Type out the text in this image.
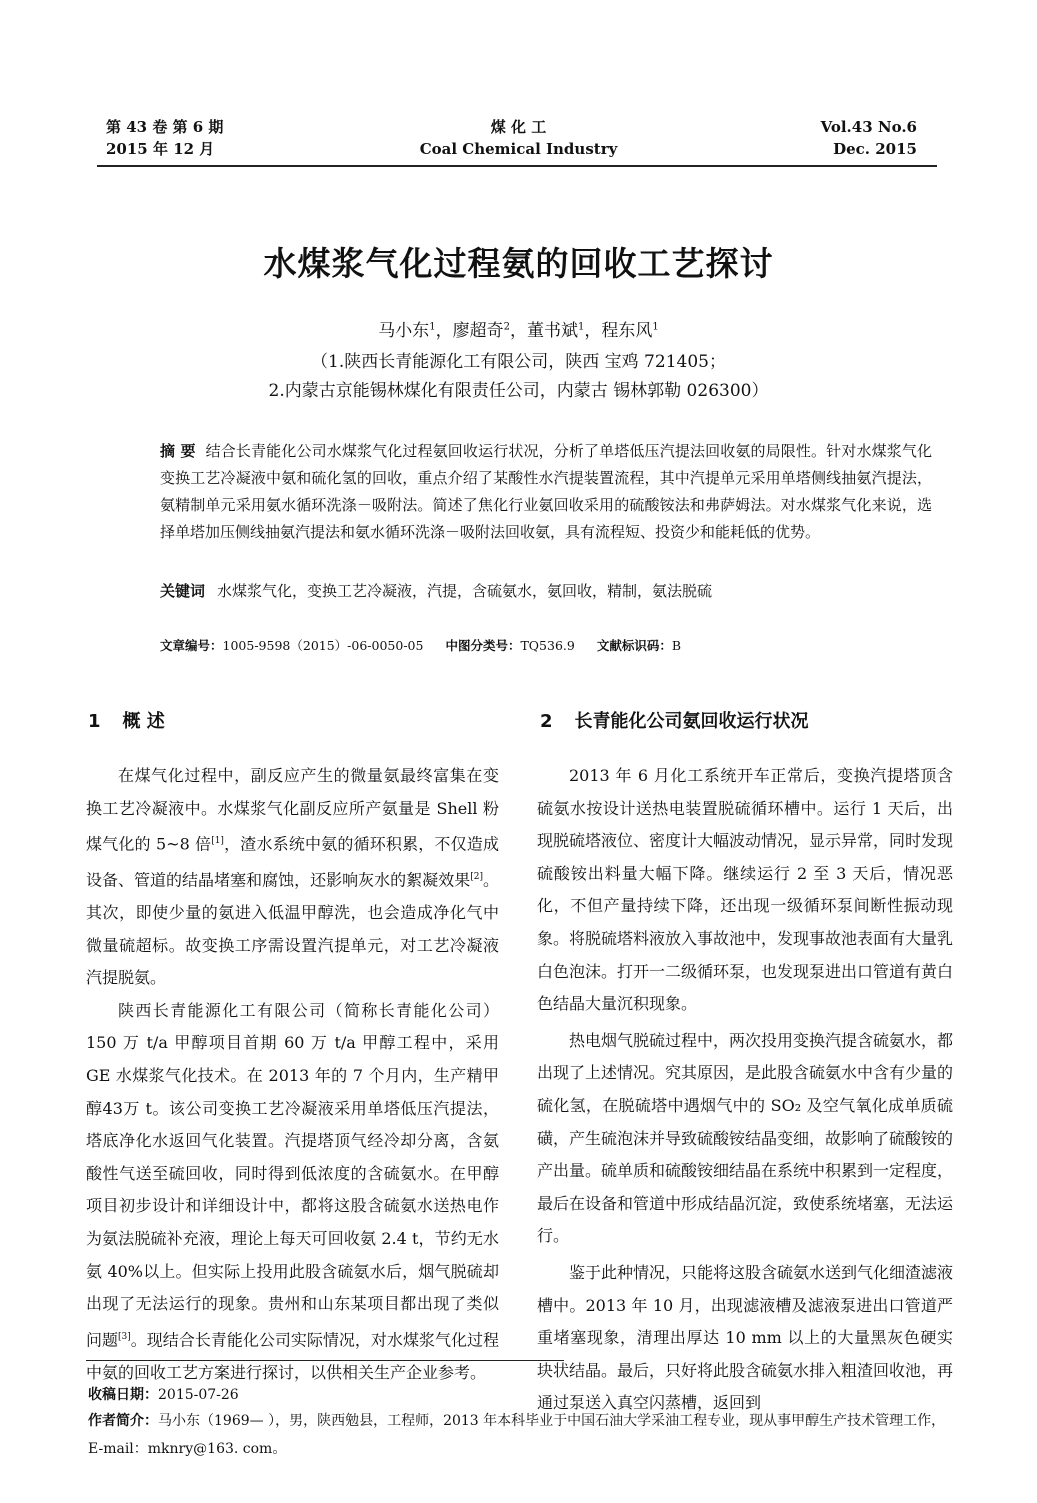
第 43 卷 第 6 期
2015 年 12 月
煤 化 工
Coal Chemical Industry
Vol.43 No.6
Dec. 2015
水煤浆气化过程氨的回收工艺探讨
马小东$^1$，廖超奇$^2$，董书斌$^1$，程东风$^1$
（1.陕西长青能源化工有限公司，陕西 宝鸡 721405；
2.内蒙古京能锡林煤化有限责任公司，内蒙古 锡林郭勒 026300）
摘 要 结合长青能化公司水煤浆气化过程氨回收运行状况，分析了单塔低压汽提法回收氨的局限性。针对水煤浆气化变换工艺冷凝液中氨和硫化氢的回收，重点介绍了某酸性水汽提装置流程，其中汽提单元采用单塔侧线抽氨汽提法，氨精制单元采用氨水循环洗涤－吸附法。简述了焦化行业氨回收采用的硫酸铵法和弗萨姆法。对水煤浆气化来说，选择单塔加压侧线抽氨汽提法和氨水循环洗涤－吸附法回收氨，具有流程短、投资少和能耗低的优势。
关键词 水煤浆气化，变换工艺冷凝液，汽提，含硫氨水，氨回收，精制，氨法脱硫
文章编号：1005-9598（2015）-06-0050-05 中图分类号：TQ536.9 文献标识码：B
1 概 述	2 长青能化公司氨回收运行状况

在煤气化过程中，副反应产生的微量氨最终富集在变换工艺冷凝液中。水煤浆气化副反应所产氨量是 Shell 粉煤气化的 5~8 倍[1]，渣水系统中氨的循环积累，不仅造成设备、管道的结晶堵塞和腐蚀，还影响灰水的絮凝效果[2]。其次，即使少量的氨进入低温甲醇洗，也会造成净化气中微量硫超标。故变换工序需设置汽提单元，对工艺冷凝液汽提脱氨。

陕西长青能源化工有限公司（简称长青能化公司）150 万 t/a 甲醇项目首期 60 万 t/a 甲醇工程中，采用 GE 水煤浆气化技术。在 2013 年的 7 个月内，生产精甲醇43万 t。该公司变换工艺冷凝液采用单塔低压汽提法，塔底净化水返回气化装置。汽提塔顶气经冷却分离，含氨酸性气送至硫回收，同时得到低浓度的含硫氨水。在甲醇项目初步设计和详细设计中，都将这股含硫氨水送热电作为氨法脱硫补充液，理论上每天可回收氨 2.4 t，节约无水氨 40%以上。但实际上投用此股含硫氨水后，烟气脱硫却出现了无法运行的现象。贵州和山东某项目都出现了类似问题[3]。现结合长青能化公司实际情况，对水煤浆气化过程中氨的回收工艺方案进行探讨，以供相关生产企业参考。

2013 年 6 月化工系统开车正常后，变换汽提塔顶含硫氨水按设计送热电装置脱硫循环槽中。运行 1 天后，出现脱硫塔液位、密度计大幅波动情况，显示异常，同时发现硫酸铵出料量大幅下降。继续运行 2 至 3 天后，情况恶化，不但产量持续下降，还出现一级循环泵间断性振动现象。将脱硫塔料液放入事故池中，发现事故池表面有大量乳白色泡沫。打开一二级循环泵，也发现泵进出口管道有黄白色结晶大量沉积现象。

热电烟气脱硫过程中，两次投用变换汽提含硫氨水，都出现了上述情况。究其原因，是此股含硫氨水中含有少量的硫化氢，在脱硫塔中遇烟气中的 SO₂ 及空气氧化成单质硫磺，产生硫泡沫并导致硫酸铵结晶变细，故影响了硫酸铵的产出量。硫单质和硫酸铵细结晶在系统中积累到一定程度，最后在设备和管道中形成结晶沉淀，致使系统堵塞，无法运行。

鉴于此种情况，只能将这股含硫氨水送到气化细渣滤液槽中。2013 年 10 月，出现滤液槽及滤液泵进出口管道严重堵塞现象，清理出厚达 10 mm 以上的大量黑灰色硬实块状结晶。最后，只好将此股含硫氨水排入粗渣回收池，再通过泵送入真空闪蒸槽，返回到

收稿日期：2015-07-26
作者简介：马小东（1969— ），男，陕西勉县，工程师，2013 年本科毕业于中国石油大学采油工程专业，现从事甲醇生产技术管理工作，E-mail：mknry@163. com。
